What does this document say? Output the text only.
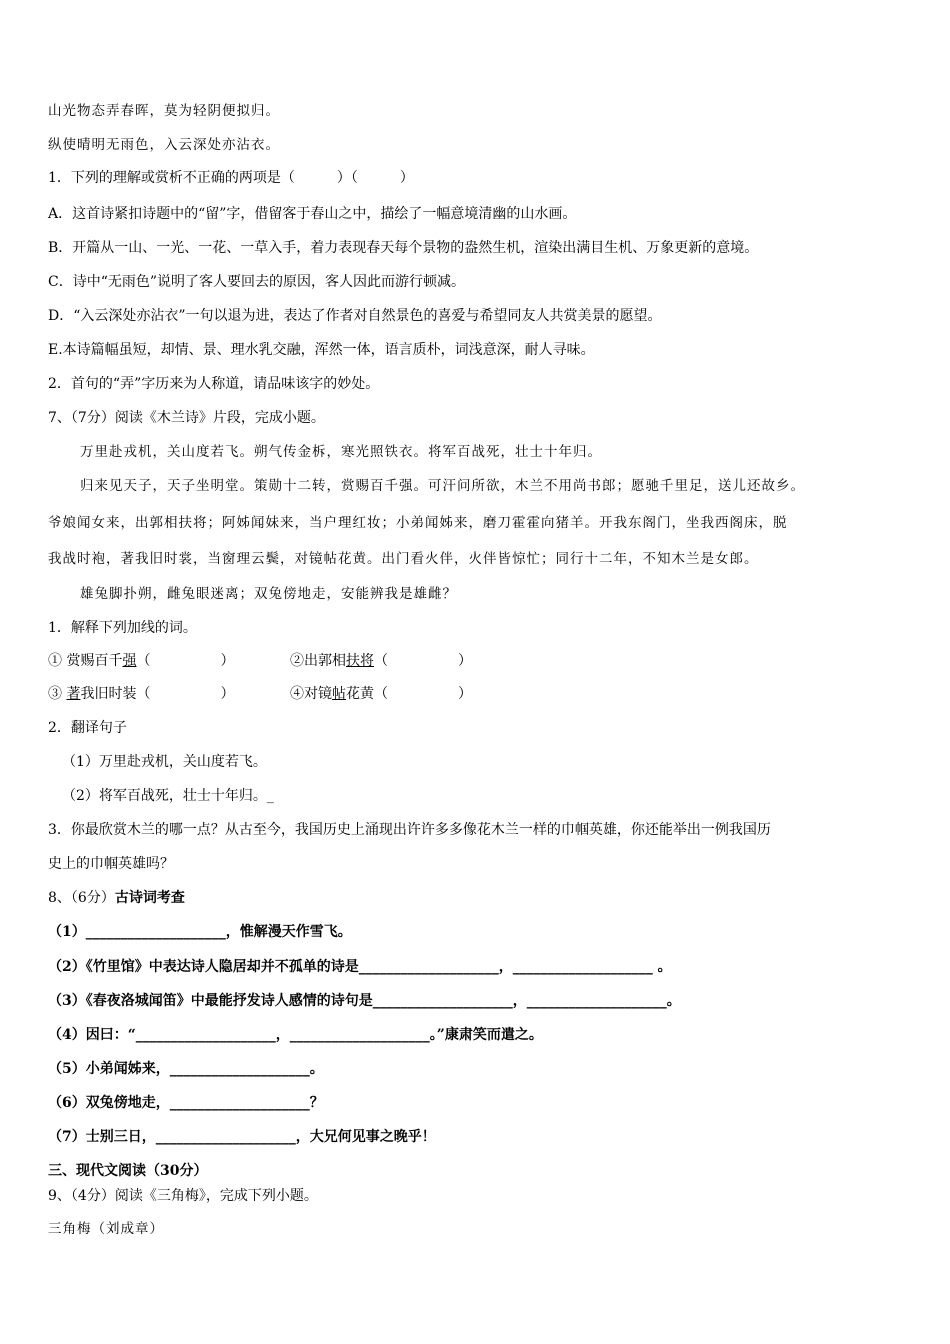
山光物态弄春晖，莫为轻阴便拟归。
纵使晴明无雨色，入云深处亦沾衣。
1．下列的理解或赏析不正确的两项是（　　　）（　　　）
A．这首诗紧扣诗题中的“留”字，借留客于春山之中，描绘了一幅意境清幽的山水画。
B．开篇从一山、一光、一花、一草入手，着力表现春天每个景物的盎然生机，渲染出满目生机、万象更新的意境。
C．诗中“无雨色”说明了客人要回去的原因，客人因此而游行顿减。
D．“入云深处亦沾衣”一句以退为进，表达了作者对自然景色的喜爱与希望同友人共赏美景的愿望。
E.本诗篇幅虽短，却情、景、理水乳交融，浑然一体，语言质朴，词浅意深，耐人寻味。
2．首句的“弄”字历来为人称道，请品味该字的妙处。
7、（7分）阅读《木兰诗》片段，完成小题。
万里赴戎机，关山度若飞。朔气传金柝，寒光照铁衣。将军百战死，壮士十年归。
归来见天子，天子坐明堂。策勋十二转，赏赐百千强。可汗问所欲，木兰不用尚书郎；愿驰千里足，送儿还故乡。
爷娘闻女来，出郭相扶将；阿姊闻妹来，当户理红妆；小弟闻姊来，磨刀霍霍向猪羊。开我东阁门，坐我西阁床，脱
我战时袍，著我旧时裳，当窗理云鬓，对镜帖花黄。出门看火伴，火伴皆惊忙；同行十二年，不知木兰是女郎。
雄兔脚扑朔，雌兔眼迷离；双兔傍地走，安能辨我是雄雌？
1．解释下列加线的词。
① 赏赐百千强（　　　　　）	②出郭相扶将（　　　　　）
③ 著我旧时装（　　　　　）	④对镜帖花黄（　　　　　）
2．翻译句子
（1）万里赴戎机，关山度若飞。
（2）将军百战死，壮士十年归。_
3．你最欣赏木兰的哪一点？从古至今，我国历史上涌现出许许多多像花木兰一样的巾帼英雄，你还能举出一例我国历
史上的巾帼英雄吗？
8、（6分）古诗词考查
（1）____________________，惟解漫天作雪飞。
（2）《竹里馆》中表达诗人隐居却并不孤单的诗是____________________，____________________ 。
（3）《春夜洛城闻笛》中最能抒发诗人感情的诗句是____________________，____________________。
（4）因曰：“____________________，____________________。”康肃笑而遣之。
（5）小弟闻姊来，____________________。
（6）双兔傍地走，____________________？
（7）士别三日，____________________，大兄何见事之晚乎！
三、现代文阅读（30分）
9、（4分）阅读《三角梅》，完成下列小题。
三角梅（刘成章）
